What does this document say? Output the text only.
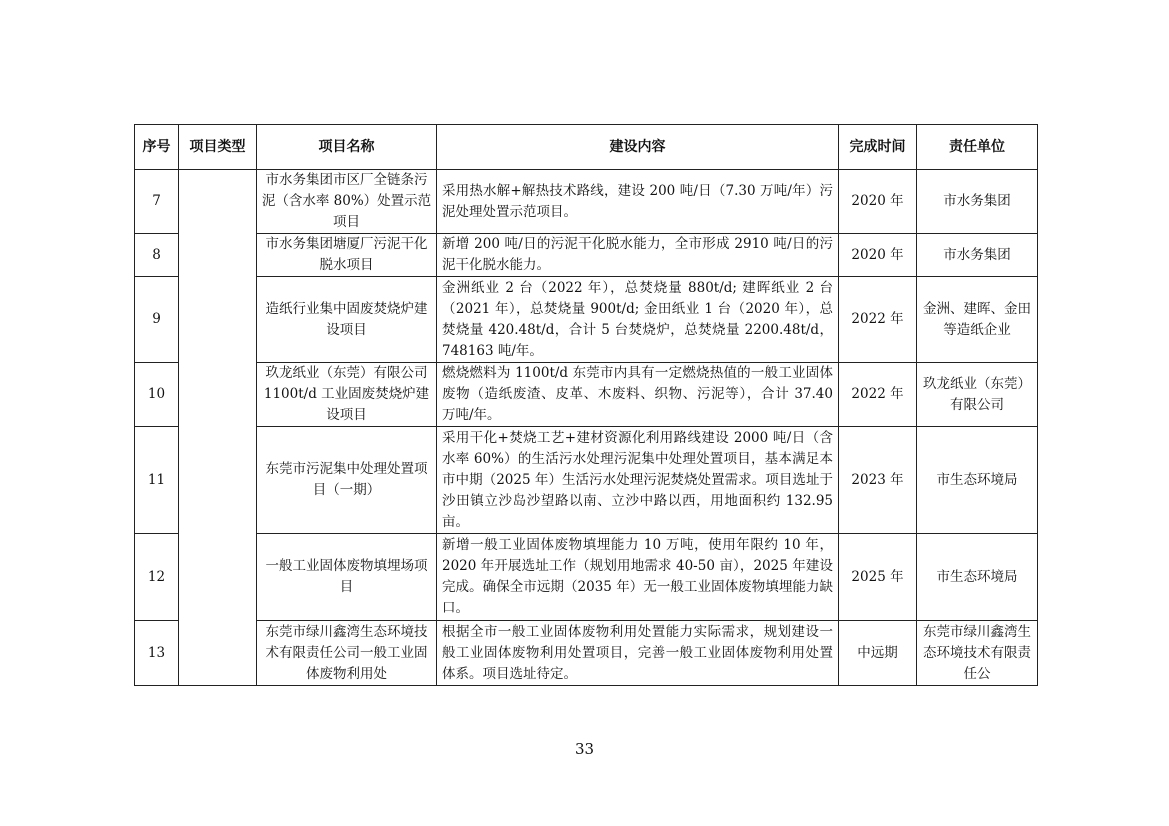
序号	项目类型	项目名称	建设内容	完成时间	责任单位
7		市水务集团市区厂全链条污泥（含水率 80%）处置示范项目	采用热水解+解热技术路线，建设 200 吨/日（7.30 万吨/年）污泥处理处置示范项目。	2020 年	市水务集团
8		市水务集团塘厦厂污泥干化脱水项目	新增 200 吨/日的污泥干化脱水能力，全市形成 2910 吨/日的污泥干化脱水能力。	2020 年	市水务集团
9		造纸行业集中固废焚烧炉建设项目	金洲纸业 2 台（2022 年），总焚烧量 880t/d; 建晖纸业 2 台（2021 年），总焚烧量 900t/d; 金田纸业 1 台（2020 年），总焚烧量 420.48t/d，合计 5 台焚烧炉，总焚烧量 2200.48t/d，748163 吨/年。	2022 年	金洲、建晖、金田等造纸企业
10		玖龙纸业（东莞）有限公司 1100t/d 工业固废焚烧炉建设项目	燃烧燃料为 1100t/d 东莞市内具有一定燃烧热值的一般工业固体废物（造纸废渣、皮革、木废料、织物、污泥等），合计 37.40 万吨/年。	2022 年	玖龙纸业（东莞）有限公司
11		东莞市污泥集中处理处置项目（一期）	采用干化+焚烧工艺+建材资源化利用路线建设 2000 吨/日（含水率 60%）的生活污水处理污泥集中处理处置项目，基本满足本市中期（2025 年）生活污水处理污泥焚烧处置需求。项目选址于沙田镇立沙岛沙望路以南、立沙中路以西，用地面积约 132.95 亩。	2023 年	市生态环境局
12		一般工业固体废物填埋场项目	新增一般工业固体废物填埋能力 10 万吨，使用年限约 10 年，2020 年开展选址工作（规划用地需求 40-50 亩），2025 年建设完成。确保全市远期（2035 年）无一般工业固体废物填埋能力缺口。	2025 年	市生态环境局
13		东莞市绿川鑫湾生态环境技术有限责任公司一般工业固体废物利用处	根据全市一般工业固体废物利用处置能力实际需求，规划建设一般工业固体废物利用处置项目，完善一般工业固体废物利用处置体系。项目选址待定。	中远期	东莞市绿川鑫湾生态环境技术有限责任公
33
